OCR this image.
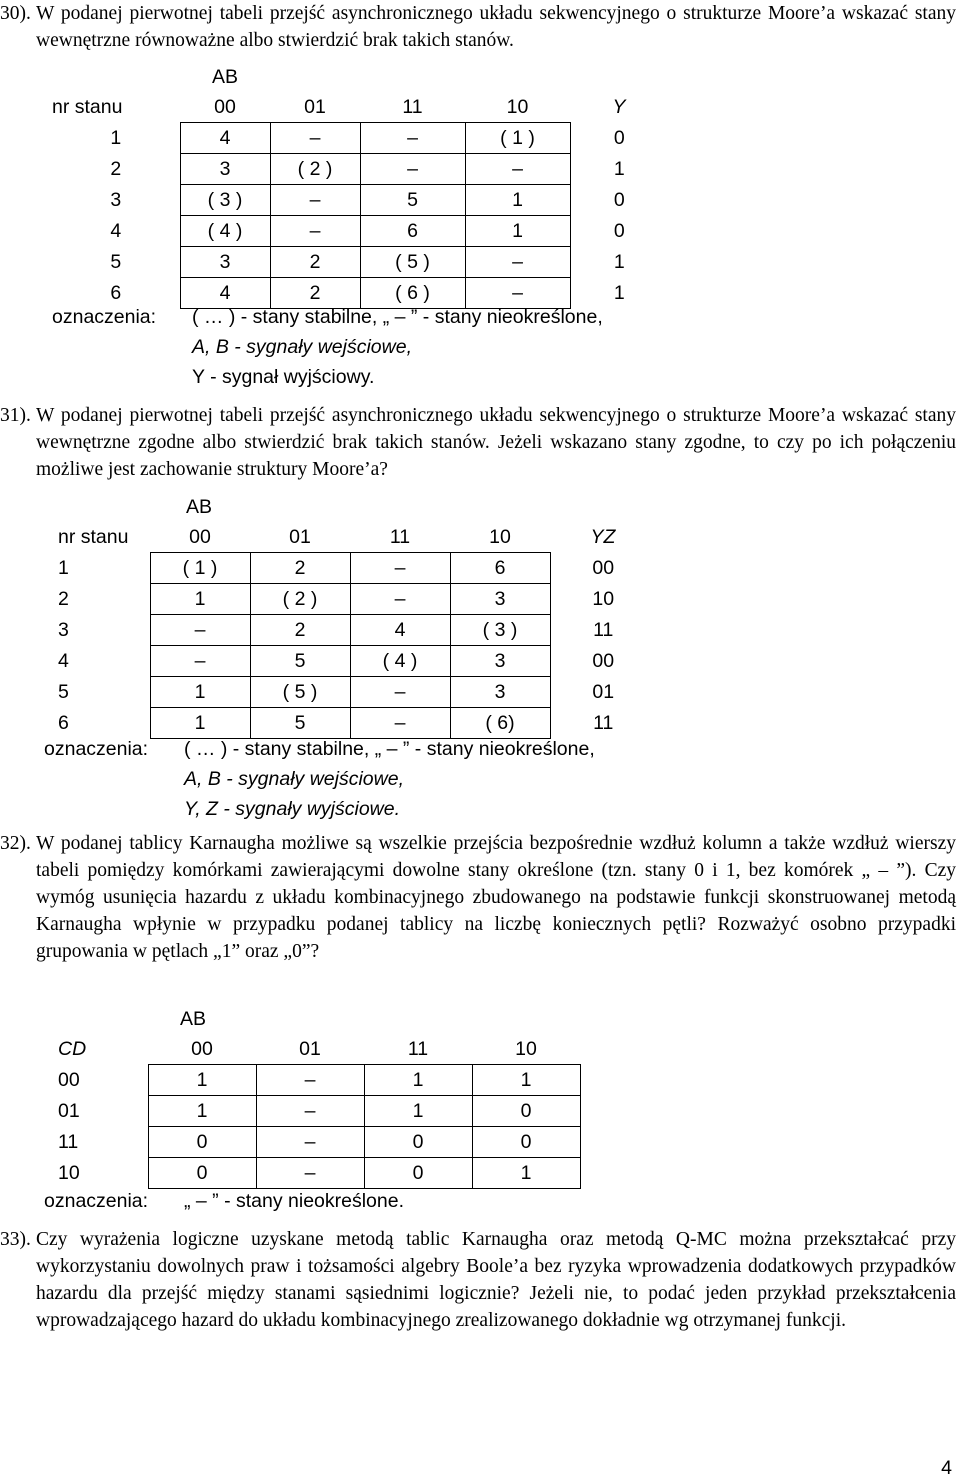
30). W podanej pierwotnej tabeli przejść asynchronicznego układu sekwencyjnego o strukturze Moore’a wskazać stany wewnętrzne równoważne albo stwierdzić brak takich stanów.

	AB				
nr stanu	00	01	11	10	Y
1	4	–	–	( 1 )	0
2	3	( 2 )	–	–	1
3	( 3 )	–	5	1	0
4	( 4 )	–	6	1	0
5	3	2	( 5 )	–	1
6	4	2	( 6 )	–	1
oznaczenia: ( … ) - stany stabilne, „ – ” - stany nieokreślone,
A, B - sygnały wejściowe,
Y - sygnał wyjściowy.

31). W podanej pierwotnej tabeli przejść asynchronicznego układu sekwencyjnego o strukturze Moore’a wskazać stany wewnętrzne zgodne albo stwierdzić brak takich stanów. Jeżeli wskazano stany zgodne, to czy po ich połączeniu możliwe jest zachowanie struktury Moore’a?

nr stanu	00	01	11	10	YZ
1	( 1 )	2	–	6	00
2	1	( 2 )	–	3	10
3	–	2	4	( 3 )	11
4	–	5	( 4 )	3	00
5	1	( 5 )	–	3	01
6	1	5	–	( 6)	11
AB
oznaczenia: ( … ) - stany stabilne, „ – ” - stany nieokreślone,
A, B - sygnały wejściowe,
Y, Z - sygnały wyjściowe.

32). W podanej tablicy Karnaugha możliwe są wszelkie przejścia bezpośrednie wzdłuż kolumn a także wzdłuż wierszy tabeli pomiędzy komórkami zawierającymi dowolne stany określone (tzn. stany 0 i 1, bez komórek „ – ”). Czy wymóg usunięcia hazardu z układu kombinacyjnego zbudowanego na podstawie funkcji skonstruowanej metodą Karnaugha wpłynie w przypadku podanej tablicy na liczbę koniecznych pętli? Rozważyć osobno przypadki grupowania w pętlach „1” oraz „0”?

AB
CD	00	01	11	10
00	1	–	1	1
01	1	–	1	0
11	0	–	0	0
10	0	–	0	1
oznaczenia: „ – ” - stany nieokreślone.

33). Czy wyrażenia logiczne uzyskane metodą tablic Karnaugha oraz metodą Q-MC można przekształcać przy wykorzystaniu dowolnych praw i tożsamości algebry Boole’a bez ryzyka wprowadzenia dodatkowych przypadków hazardu dla przejść między stanami sąsiednimi logicznie? Jeżeli nie, to podać jeden przykład przekształcenia wprowadzającego hazard do układu kombinacyjnego zrealizowanego dokładnie wg otrzymanej funkcji.

4
